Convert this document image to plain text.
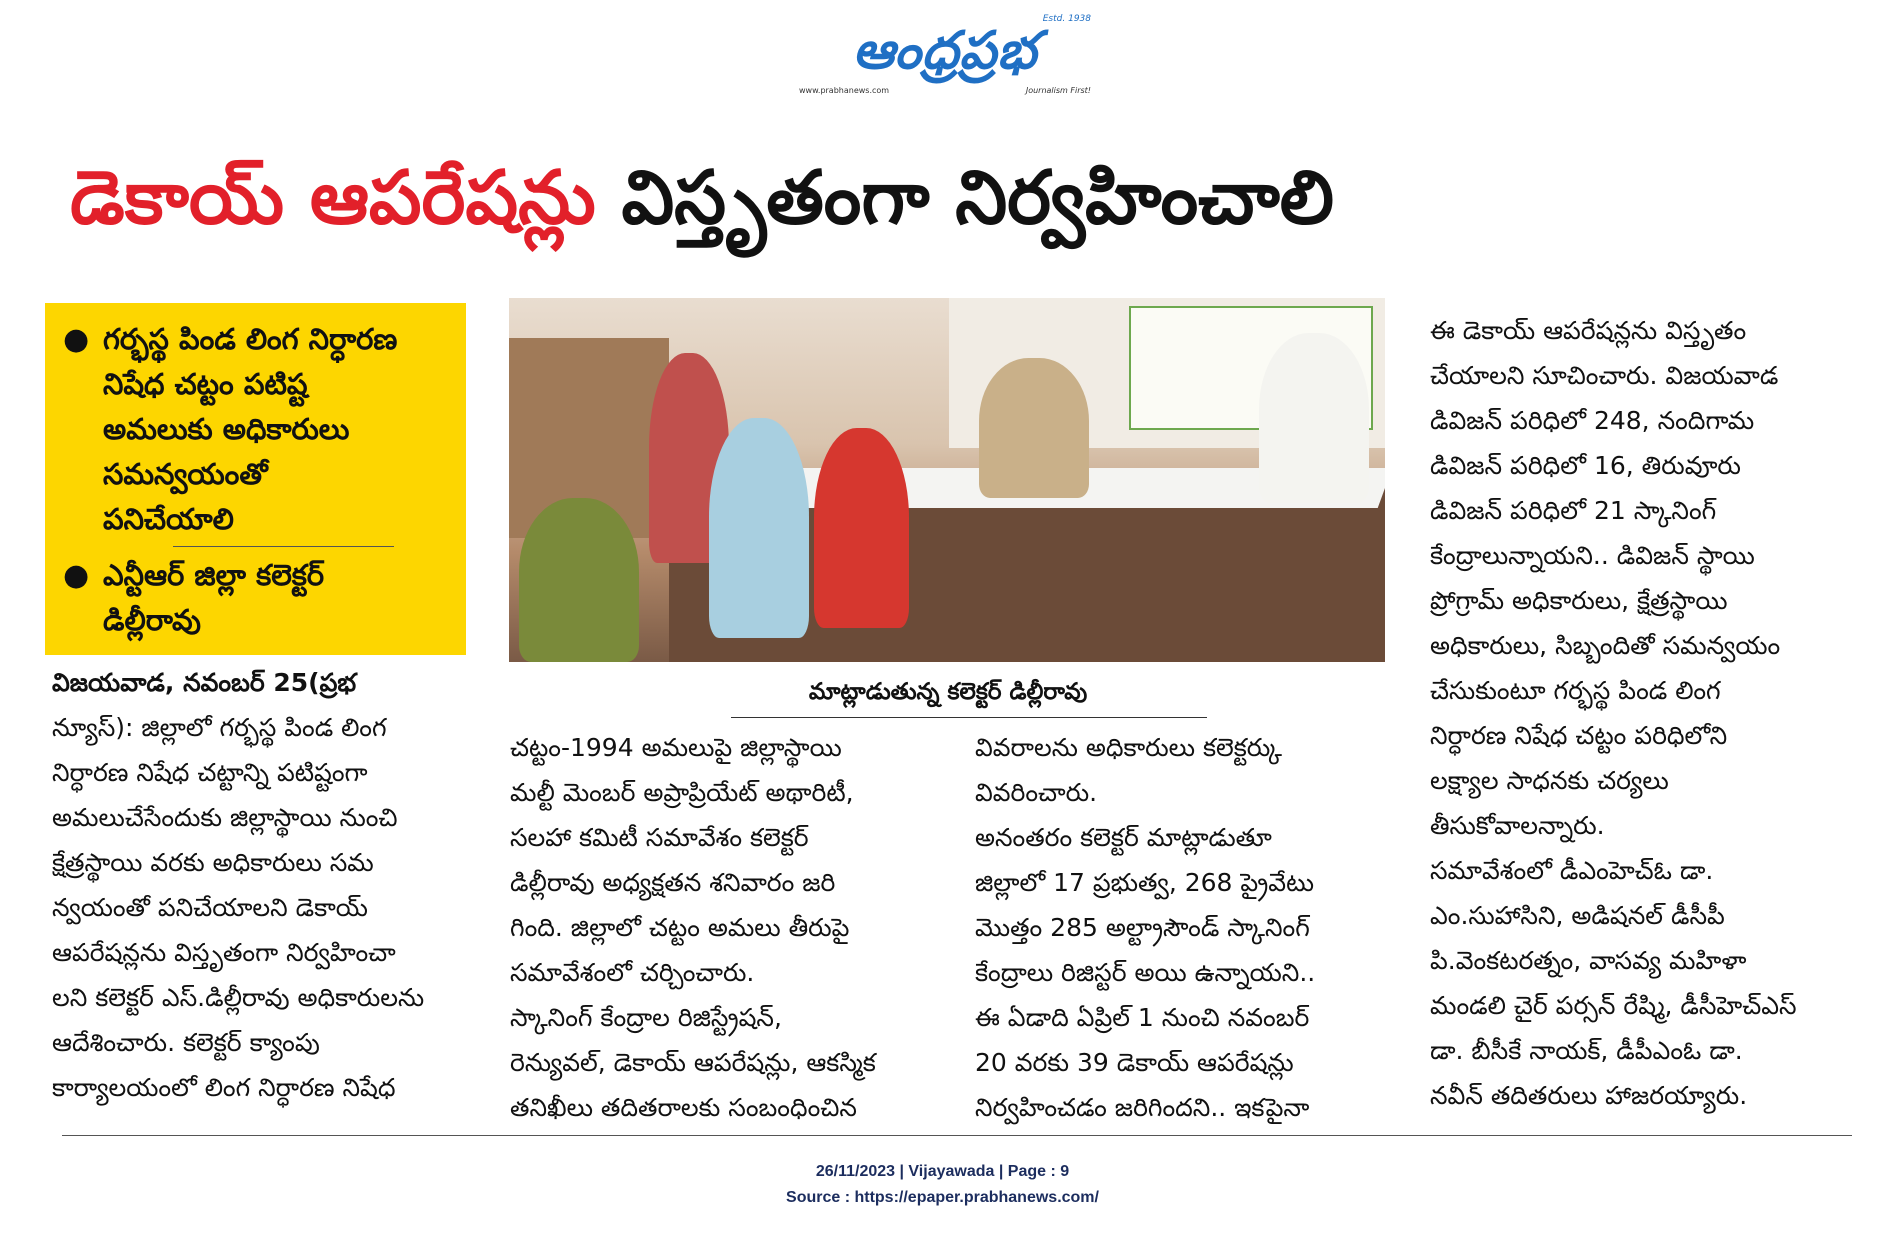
Estd. 1938
ఆంధ్రప్రభ
www.prabhanews.com	Journalism First!
డెకాయ్ ఆపరేషన్లు విస్తృతంగా నిర్వహించాలి
● గర్భస్థ పిండ లింగ నిర్ధారణ
నిషేధ చట్టం పటిష్ట
అమలుకు అధికారులు
సమన్వయంతో
పనిచేయాలి
● ఎన్టీఆర్ జిల్లా కలెక్టర్
డిల్లీరావు
మాట్లాడుతున్న కలెక్టర్ డిల్లీరావు
విజయవాడ, నవంబర్ 25(ప్రభ
న్యూస్): జిల్లాలో గర్భస్థ పిండ లింగ
నిర్ధారణ నిషేధ చట్టాన్ని పటిష్టంగా
అమలుచేసేందుకు జిల్లాస్థాయి నుంచి
క్షేత్రస్థాయి వరకు అధికారులు సమ
న్వయంతో పనిచేయాలని డెకాయ్
ఆపరేషన్లను విస్తృతంగా నిర్వహించా
లని కలెక్టర్ ఎస్.డిల్లీరావు అధికారులను
ఆదేశించారు. కలెక్టర్ క్యాంపు
కార్యాలయంలో లింగ నిర్ధారణ నిషేధ
చట్టం-1994 అమలుపై జిల్లాస్థాయి
మల్టీ మెంబర్ అప్రాప్రియేట్ అథారిటీ,
సలహా కమిటీ సమావేశం కలెక్టర్
డిల్లీరావు అధ్యక్షతన శనివారం జరి
గింది. జిల్లాలో చట్టం అమలు తీరుపై
సమావేశంలో చర్చించారు.
స్కానింగ్ కేంద్రాల రిజిస్ట్రేషన్,
రెన్యువల్, డెకాయ్ ఆపరేషన్లు, ఆకస్మిక
తనిఖీలు తదితరాలకు సంబంధించిన
వివరాలను అధికారులు కలెక్టర్కు
వివరించారు.
అనంతరం కలెక్టర్ మాట్లాడుతూ
జిల్లాలో 17 ప్రభుత్వ, 268 ప్రైవేటు
మొత్తం 285 అల్ట్రాసౌండ్ స్కానింగ్
కేంద్రాలు రిజిస్టర్ అయి ఉన్నాయని..
ఈ ఏడాది ఏప్రిల్ 1 నుంచి నవంబర్
20 వరకు 39 డెకాయ్ ఆపరేషన్లు
నిర్వహించడం జరిగిందని.. ఇకపైనా
ఈ డెకాయ్ ఆపరేషన్లను విస్తృతం
చేయాలని సూచించారు. విజయవాడ
డివిజన్ పరిధిలో 248, నందిగామ
డివిజన్ పరిధిలో 16, తిరువూరు
డివిజన్ పరిధిలో 21 స్కానింగ్
కేంద్రాలున్నాయని.. డివిజన్ స్థాయి
ప్రోగ్రామ్ అధికారులు, క్షేత్రస్థాయి
అధికారులు, సిబ్బందితో సమన్వయం
చేసుకుంటూ గర్భస్థ పిండ లింగ
నిర్ధారణ నిషేధ చట్టం పరిధిలోని
లక్ష్యాల సాధనకు చర్యలు
తీసుకోవాలన్నారు.
సమావేశంలో డీఎంహెచ్ఓ డా.
ఎం.సుహాసిని, అడిషనల్ డీసీపీ
పి.వెంకటరత్నం, వాసవ్య మహిళా
మండలి చైర్ పర్సన్ రేష్మి, డీసీహెచ్ఎస్
డా. బీసీకే నాయక్, డీపీఎంఓ డా.
నవీన్ తదితరులు హాజరయ్యారు.
26/11/2023 | Vijayawada | Page : 9
Source : https://epaper.prabhanews.com/
